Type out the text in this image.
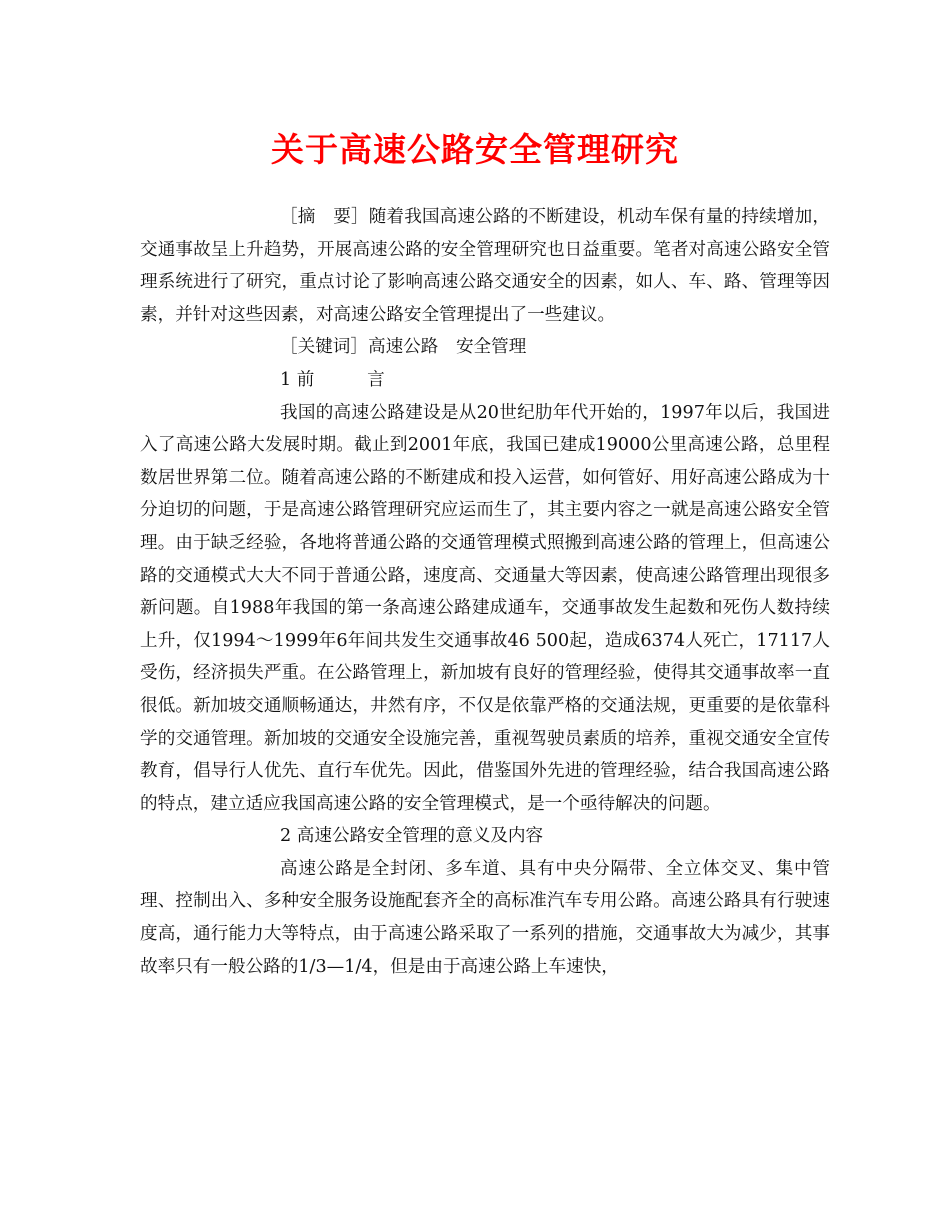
关于高速公路安全管理研究

［摘　要］随着我国高速公路的不断建设，机动车保有量的持续增加，交通事故呈上升趋势，开展高速公路的安全管理研究也日益重要。笔者对高速公路安全管理系统进行了研究，重点讨论了影响高速公路交通安全的因素，如人、车、路、管理等因素，并针对这些因素，对高速公路安全管理提出了一些建议。

［关键词］高速公路　安全管理

1 前　　　言

我国的高速公路建设是从20世纪肋年代开始的，1997年以后，我国进入了高速公路大发展时期。截止到2001年底，我国已建成19000公里高速公路，总里程数居世界第二位。随着高速公路的不断建成和投入运营，如何管好、用好高速公路成为十分迫切的问题，于是高速公路管理研究应运而生了，其主要内容之一就是高速公路安全管理。由于缺乏经验，各地将普通公路的交通管理模式照搬到高速公路的管理上，但高速公路的交通模式大大不同于普通公路，速度高、交通量大等因素，使高速公路管理出现很多新问题。自1988年我国的第一条高速公路建成通车，交通事故发生起数和死伤人数持续上升，仅1994～1999年6年间共发生交通事故46 500起，造成6374人死亡，17117人受伤，经济损失严重。在公路管理上，新加坡有良好的管理经验，使得其交通事故率一直很低。新加坡交通顺畅通达，井然有序，不仅是依靠严格的交通法规，更重要的是依靠科学的交通管理。新加坡的交通安全设施完善，重视驾驶员素质的培养，重视交通安全宣传教育，倡导行人优先、直行车优先。因此，借鉴国外先进的管理经验，结合我国高速公路的特点，建立适应我国高速公路的安全管理模式，是一个亟待解决的问题。

2 高速公路安全管理的意义及内容

高速公路是全封闭、多车道、具有中央分隔带、全立体交叉、集中管理、控制出入、多种安全服务设施配套齐全的高标准汽车专用公路。高速公路具有行驶速度高，通行能力大等特点，由于高速公路采取了一系列的措施，交通事故大为减少，其事故率只有一般公路的1/3—1/4，但是由于高速公路上车速快，
